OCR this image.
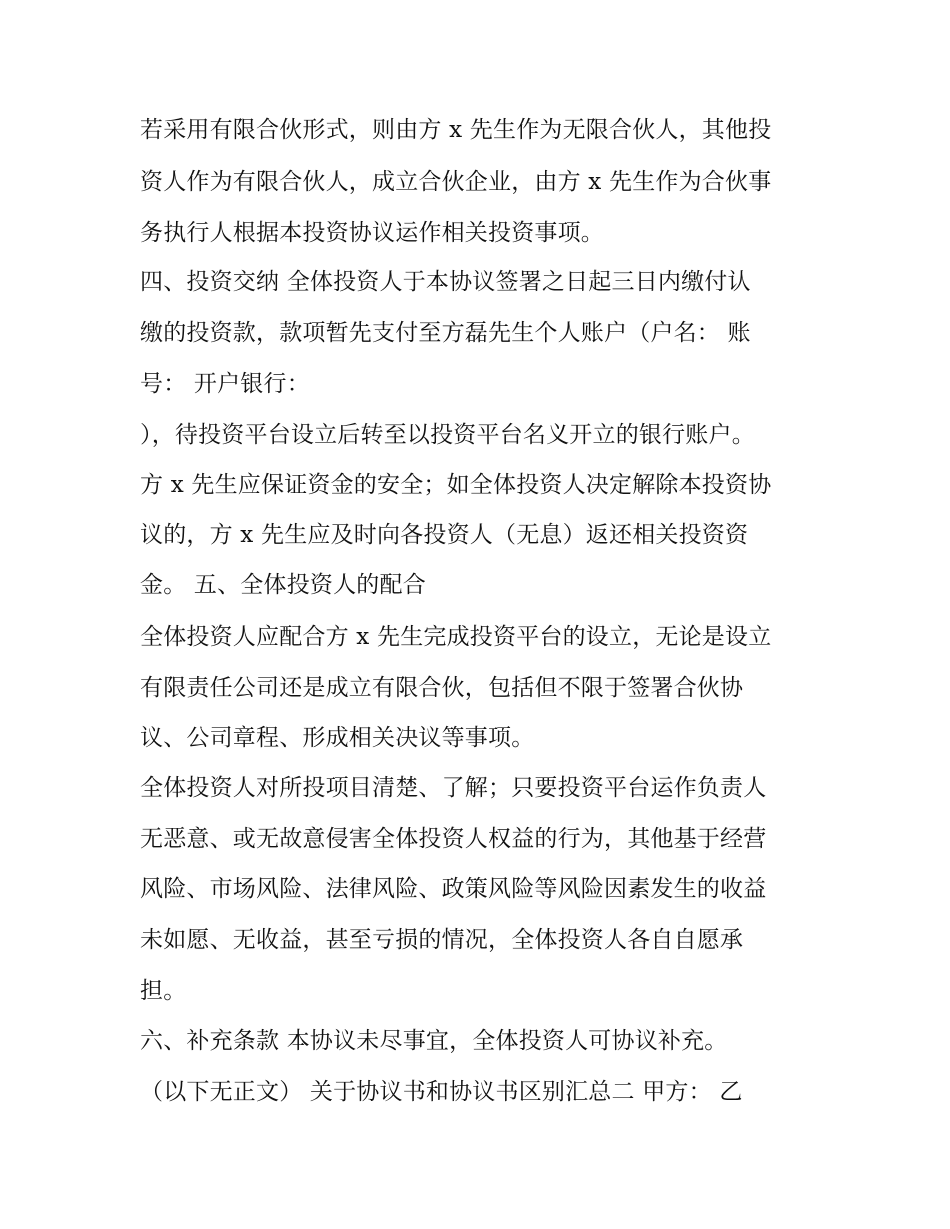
若采用有限合伙形式，则由方 x 先生作为无限合伙人，其他投
资人作为有限合伙人，成立合伙企业，由方 x 先生作为合伙事
务执行人根据本投资协议运作相关投资事项。
四、投资交纳 全体投资人于本协议签署之日起三日内缴付认
缴的投资款，款项暂先支付至方磊先生个人账户（户名： 账
号： 开户银行：
），待投资平台设立后转至以投资平台名义开立的银行账户。
方 x 先生应保证资金的安全；如全体投资人决定解除本投资协
议的，方 x 先生应及时向各投资人（无息）返还相关投资资
金。 五、全体投资人的配合
全体投资人应配合方 x 先生完成投资平台的设立，无论是设立
有限责任公司还是成立有限合伙，包括但不限于签署合伙协
议、公司章程、形成相关决议等事项。
全体投资人对所投项目清楚、了解；只要投资平台运作负责人
无恶意、或无故意侵害全体投资人权益的行为，其他基于经营
风险、市场风险、法律风险、政策风险等风险因素发生的收益
未如愿、无收益，甚至亏损的情况，全体投资人各自自愿承
担。
六、补充条款 本协议未尽事宜，全体投资人可协议补充。
（以下无正文） 关于协议书和协议书区别汇总二 甲方： 乙
